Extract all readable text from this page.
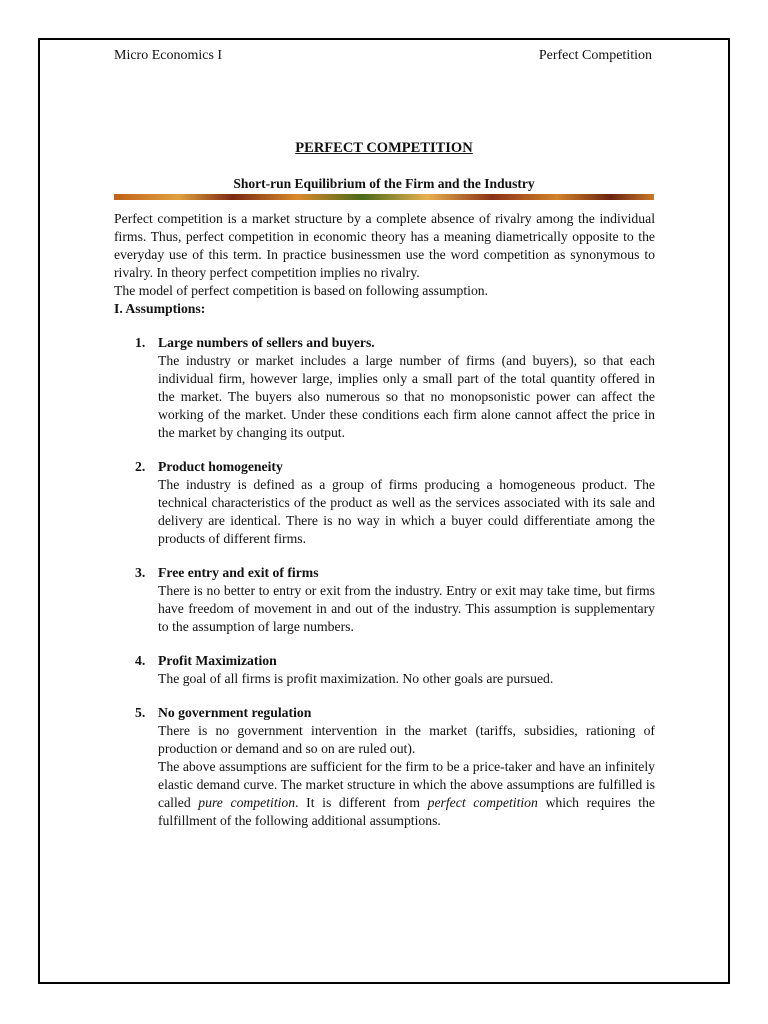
Micro Economics I	Perfect Competition
PERFECT COMPETITION
Short-run Equilibrium of the Firm and the Industry

Perfect competition is a market structure by a complete absence of rivalry among the individual firms. Thus, perfect competition in economic theory has a meaning diametrically opposite to the everyday use of this term. In practice businessmen use the word competition as synonymous to rivalry. In theory perfect competition implies no rivalry.

The model of perfect competition is based on following assumption.

I. Assumptions:
1. Large numbers of sellers and buyers.

The industry or market includes a large number of firms (and buyers), so that each individual firm, however large, implies only a small part of the total quantity offered in the market. The buyers also numerous so that no monopsonistic power can affect the working of the market. Under these conditions each firm alone cannot affect the price in the market by changing its output.

2. Product homogeneity

The industry is defined as a group of firms producing a homogeneous product. The technical characteristics of the product as well as the services associated with its sale and delivery are identical. There is no way in which a buyer could differentiate among the products of different firms.

3. Free entry and exit of firms

There is no better to entry or exit from the industry. Entry or exit may take time, but firms have freedom of movement in and out of the industry. This assumption is supplementary to the assumption of large numbers.

4. Profit Maximization

The goal of all firms is profit maximization. No other goals are pursued.

5. No government regulation

There is no government intervention in the market (tariffs, subsidies, rationing of production or demand and so on are ruled out).

The above assumptions are sufficient for the firm to be a price-taker and have an infinitely elastic demand curve. The market structure in which the above assumptions are fulfilled is called pure competition. It is different from perfect competition which requires the fulfillment of the following additional assumptions.
